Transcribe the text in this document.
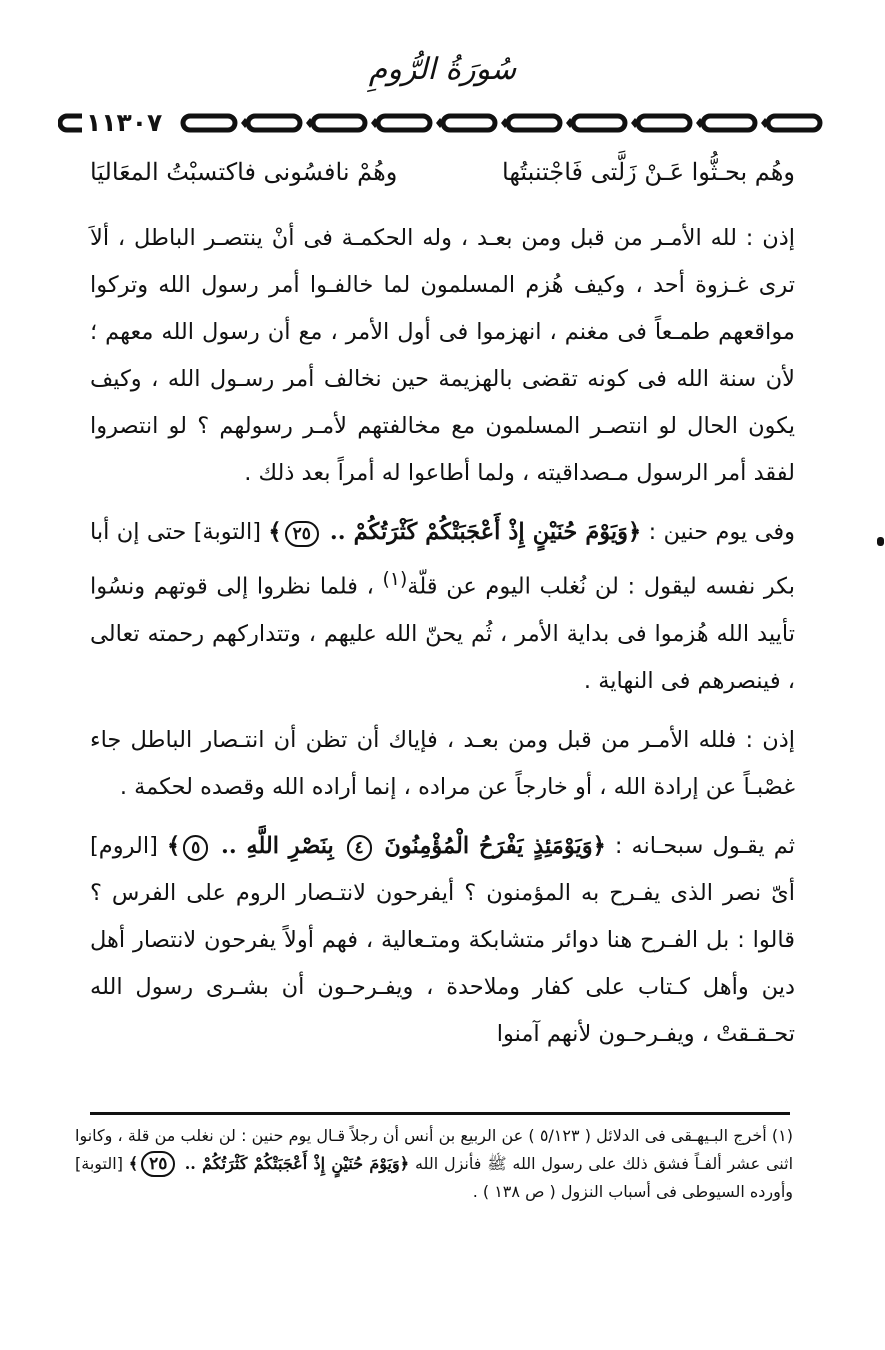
سُورَةُ الرُّومِ
١١٣٠٧
وهُم بحـثُّوا عَـنْ زَلَّتى فَاجْتنبتُها
وهُمْ نافسُونى فاكتسبْتُ المعَاليَا

إذن : لله الأمـر من قبل ومن بعـد ، وله الحكمـة فى أنْ ينتصـر الباطل ، ألاَ ترى غـزوة أحد ، وكيف هُزم المسلمون لما خالفـوا أمر رسول الله وتركوا مواقعهم طمـعاً فى مغنم ، انهزموا فى أول الأمر ، مع أن رسول الله معهم ؛ لأن سنة الله فى كونه تقضى بالهزيمة حين نخالف أمر رسـول الله ، وكيف يكون الحال لو انتصـر المسلمون مع مخالفتهم لأمـر رسولهم ؟ لو انتصروا لفقد أمر الرسول مـصداقيته ، ولما أطاعوا له أمراً بعد ذلك .

وفى يوم حنين : ﴿وَيَوْمَ حُنَيْنٍ إِذْ أَعْجَبَتْكُمْ كَثْرَتُكُمْ .. ٢٥﴾ [التوبة] حتى إن أبا بكر نفسه ليقول : لن نُغلب اليوم عن قلّة$^{(١)}$ ، فلما نظروا إلى قوتهم ونسُوا تأييد الله هُزموا فى بداية الأمر ، ثُم يحنّ الله عليهم ، وتتداركهم رحمته تعالى ، فينصرهم فى النهاية .

إذن : فلله الأمـر من قبل ومن بعـد ، فإياك أن تظن أن انتـصار الباطل جاء غصْبـاً عن إرادة الله ، أو خارجاً عن مراده ، إنما أراده الله وقصده لحكمة .

ثم يقـول سبحـانه : ﴿وَيَوْمَئِذٍ يَفْرَحُ الْمُؤْمِنُونَ ٤ بِنَصْرِ اللَّهِ .. ٥﴾ [الروم] أىّ نصر الذى يفـرح به المؤمنون ؟ أيفرحون لانتـصار الروم على الفرس ؟ قالوا : بل الفـرح هنا دوائر متشابكة ومتـعالية ، فهم أولاً يفرحون لانتصار أهل دين وأهل كـتاب على كفار وملاحدة ، ويفـرحـون أن بشـرى رسول الله تحـقـقتْ ، ويفـرحـون لأنهم آمنوا

(١) أخرج البـيهـقى فى الدلائل ( ٥/١٢٣ ) عن الربيع بن أنس أن رجلاً قـال يوم حنين : لن نغلب من قلة ، وكانوا اثنى عشر ألفـاً فشق ذلك على رسول الله ﷺ فأنزل الله ﴿وَيَوْمَ حُنَيْنٍ إِذْ أَعْجَبَتْكُمْ كَثْرَتُكُمْ .. ٢٥﴾ [التوبة] وأورده السيوطى فى أسباب النزول ( ص ١٣٨ ) .
